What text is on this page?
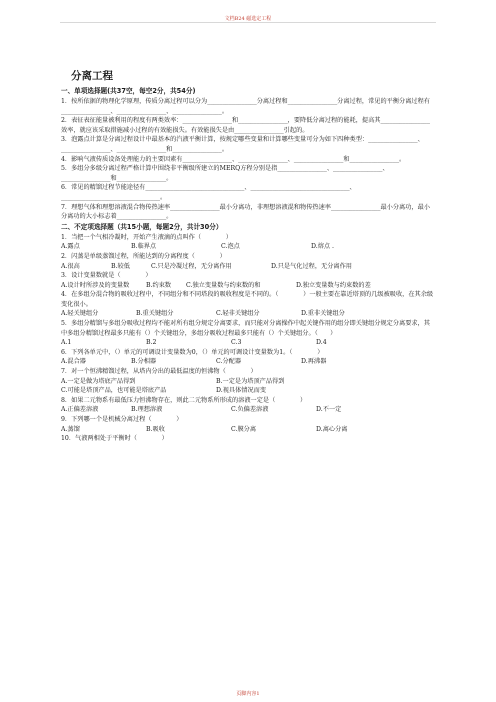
文档B24 磁选定工程
分离工程

一、单项选择题(共37空，每空2分，共54分)

1．按所依据的物理化学原理，传质分离过程可以分为________________分离过程和________________分离过程，常见的平衡分离过程有________________、________________、________________。

2．表征表征能量被利用的程度有两类效率：________________和________________，要降低分离过程的能耗，提高其________________效率，就应该采取措施减小过程的有效能损失。有效能损失是由________________引起的。

3．泡露点计算是分离过程设计中最基本的汽液平衡计算，按规定哪些变量和计算哪些变量可分为如下四种类型：________________、________________、________________和________________。

4．影响气液传质设备处理能力的主要因素有________________、________________、________________和________________。

5．多组分多级分离过程严格计算中围绕非平衡级所建立的MERQ方程分别是指________________、________________、________________和________________。

6．常见的精馏过程节能途径有________________________________、________________________________、________________________________。

7．理想气体和理想溶液混合物传热速率________________最小分离功，非理想溶液混和物传热速率________________最小分离功，最小分离功的大小标志着________________。

二、不定项选择题（共15小题，每题2分，共计30分）

1．当把一个气相冷凝时，开始产生液滴的点叫作（　　　　）

A.露点	B.临界点	C.泡点	D.熔点 .

2．闪蒸是单级蒸馏过程，所能达到的分离程度（　　　　）

A.很高	B.较低	C.只是冷凝过程，无分离作用	D.只是气化过程，无分离作用

3．设计变量数就是（　　　　）

A.设计时所涉及的变量数	B.约束数	C.独立变量数与约束数的和	D.独立变量数与约束数的差

4．在多组分混合物的吸收过程中，不同组分和不同塔段的吸收程度是不同的。（　　　　）一般主要在靠近塔顶的几级被吸收，在其余级变化很小。

A.轻关键组分	B.重关键组分	C.轻非关键组分	D.重非关键组分

5．多组分精馏与多组分吸收过程均不能对所有组分规定分离要求，而只能对分离操作中起关键作用的组分即关键组分规定分离要求，其中多组分精馏过程最多只能有（）个关键组分，多组分吸收过程最多只能有（）个关键组分。（　　）

A.1	B.2	C.3	D.4

6．下列各单元中，（）单元的可调设计变量数为0，（）单元的可调设计变量数为1。（　　　　）

A.混合器	B.分相器	C.分配器	D.再沸器

7．对一个恒沸精馏过程，从塔内分出的最低温度的恒沸物（　　　　）

A.一定是做为塔底产品得到	B.一定是为塔顶产品得到
C.可能是塔顶产品，也可能是塔底产品	D.视具体情况而变

8．如果二元物系有最低压力恒沸物存在，则此二元物系所形成的溶液一定是（　　　　）

A.正偏差溶液	B.理想溶液	C.负偏差溶液	D.不一定

9．下列哪一个是机械分离过程（　　　　）

A.蒸馏	B.吸收	C.膜分离	D.离心分离

10．气液两相处于平衡时（　　　　）

页脚内容1
